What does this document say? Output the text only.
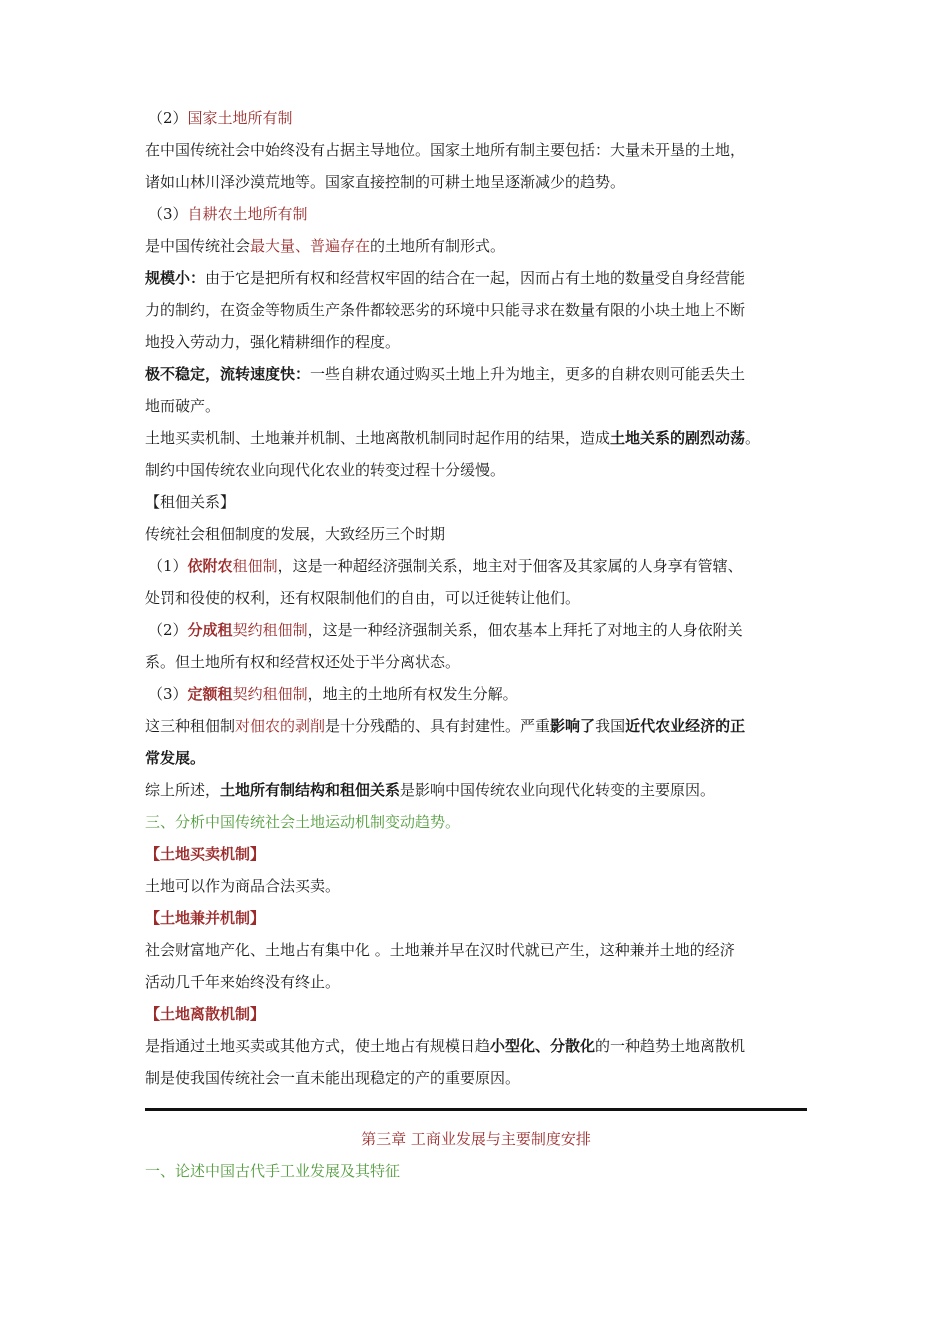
（2）国家土地所有制
在中国传统社会中始终没有占据主导地位。国家土地所有制主要包括：大量未开垦的土地，
诸如山林川泽沙漠荒地等。国家直接控制的可耕土地呈逐渐减少的趋势。
（3）自耕农土地所有制
是中国传统社会最大量、普遍存在的土地所有制形式。
规模小：由于它是把所有权和经营权牢固的结合在一起，因而占有土地的数量受自身经营能
力的制约，在资金等物质生产条件都较恶劣的环境中只能寻求在数量有限的小块土地上不断
地投入劳动力，强化精耕细作的程度。
极不稳定，流转速度快：一些自耕农通过购买土地上升为地主，更多的自耕农则可能丢失土
地而破产。
土地买卖机制、土地兼并机制、土地离散机制同时起作用的结果，造成土地关系的剧烈动荡。
制约中国传统农业向现代化农业的转变过程十分缓慢。
【租佃关系】
传统社会租佃制度的发展，大致经历三个时期
（1）依附农租佃制，这是一种超经济强制关系，地主对于佃客及其家属的人身享有管辖、
处罚和役使的权利，还有权限制他们的自由，可以迁徙转让他们。
（2）分成租契约租佃制，这是一种经济强制关系，佃农基本上拜托了对地主的人身依附关
系。但土地所有权和经营权还处于半分离状态。
（3）定额租契约租佃制，地主的土地所有权发生分解。
这三种租佃制对佃农的剥削是十分残酷的、具有封建性。严重影响了我国近代农业经济的正
常发展。
综上所述，土地所有制结构和租佃关系是影响中国传统农业向现代化转变的主要原因。
三、分析中国传统社会土地运动机制变动趋势。
【土地买卖机制】
土地可以作为商品合法买卖。
【土地兼并机制】
社会财富地产化、土地占有集中化 。土地兼并早在汉时代就已产生，这种兼并土地的经济
活动几千年来始终没有终止。
【土地离散机制】
是指通过土地买卖或其他方式，使土地占有规模日趋小型化、分散化的一种趋势土地离散机
制是使我国传统社会一直未能出现稳定的产的重要原因。
第三章 工商业发展与主要制度安排
一、论述中国古代手工业发展及其特征
